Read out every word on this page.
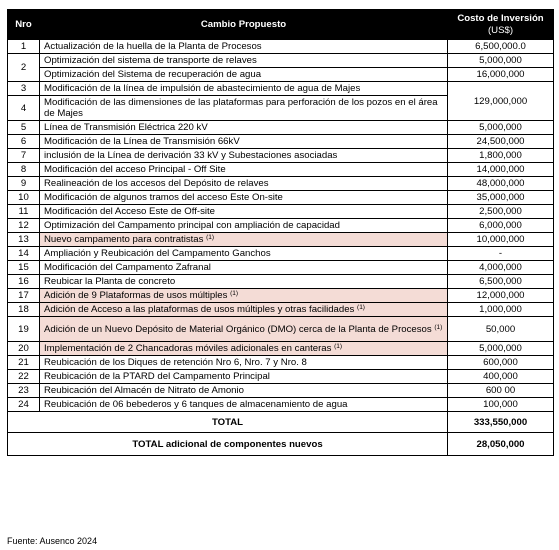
Nro	Cambio Propuesto	Costo de Inversión
(US$)

1	Actualización de la huella de la Planta de Procesos	6,500,000.0
2	Optimización del sistema de transporte de relaves	5,000,000
	Optimización del Sistema de recuperación de agua	16,000,000
3	Modificación de la línea de impulsión de abastecimiento de agua de Majes	129,000,000
4	Modificación de las dimensiones de las plataformas para perforación de los pozos en el área de Majes	
5	Línea de Transmisión Eléctrica 220 kV	5,000,000
6	Modificación de la Línea de Transmisión 66kV	24,500,000
7	inclusión de la Línea de derivación 33 kV y Subestaciones asociadas	1,800,000
8	Modificación del acceso Principal - Off Site	14,000,000
9	Realineación de los accesos del Depósito de relaves	48,000,000
10	Modificación de algunos tramos del acceso Este On-site	35,000,000
11	Modificación del Acceso Este de Off-site	2,500,000
12	Optimización del Campamento principal con ampliación de capacidad	6,000,000
13	Nuevo campamento para contratistas $^{(1)}$	10,000,000
14	Ampliación y Reubicación del Campamento Ganchos	-
15	Modificación del Campamento Zafranal	4,000,000
16	Reubicar la Planta de concreto	6,500,000
17	Adición de 9 Plataformas de usos múltiples $^{(1)}$	12,000,000
18	Adición de Acceso a las plataformas de usos múltiples y otras facilidades $^{(1)}$	1,000,000
19	Adición de un Nuevo Depósito de Material Orgánico (DMO) cerca de la Planta de Procesos $^{(1)}$	50,000
20	Implementación de 2 Chancadoras móviles adicionales en canteras $^{(1)}$	5,000,000
21	Reubicación de los Diques de retención Nro 6, Nro. 7 y Nro. 8	600,000
22	Reubicación de la PTARD del Campamento Principal	400,000
23	Reubicación del Almacén de Nitrato de Amonio	600 00
24	Reubicación de 06 bebederos y 6 tanques de almacenamiento de agua	100,000
TOTAL		333,550,000
TOTAL adicional de componentes nuevos		28,050,000
Fuente: Ausenco 2024
